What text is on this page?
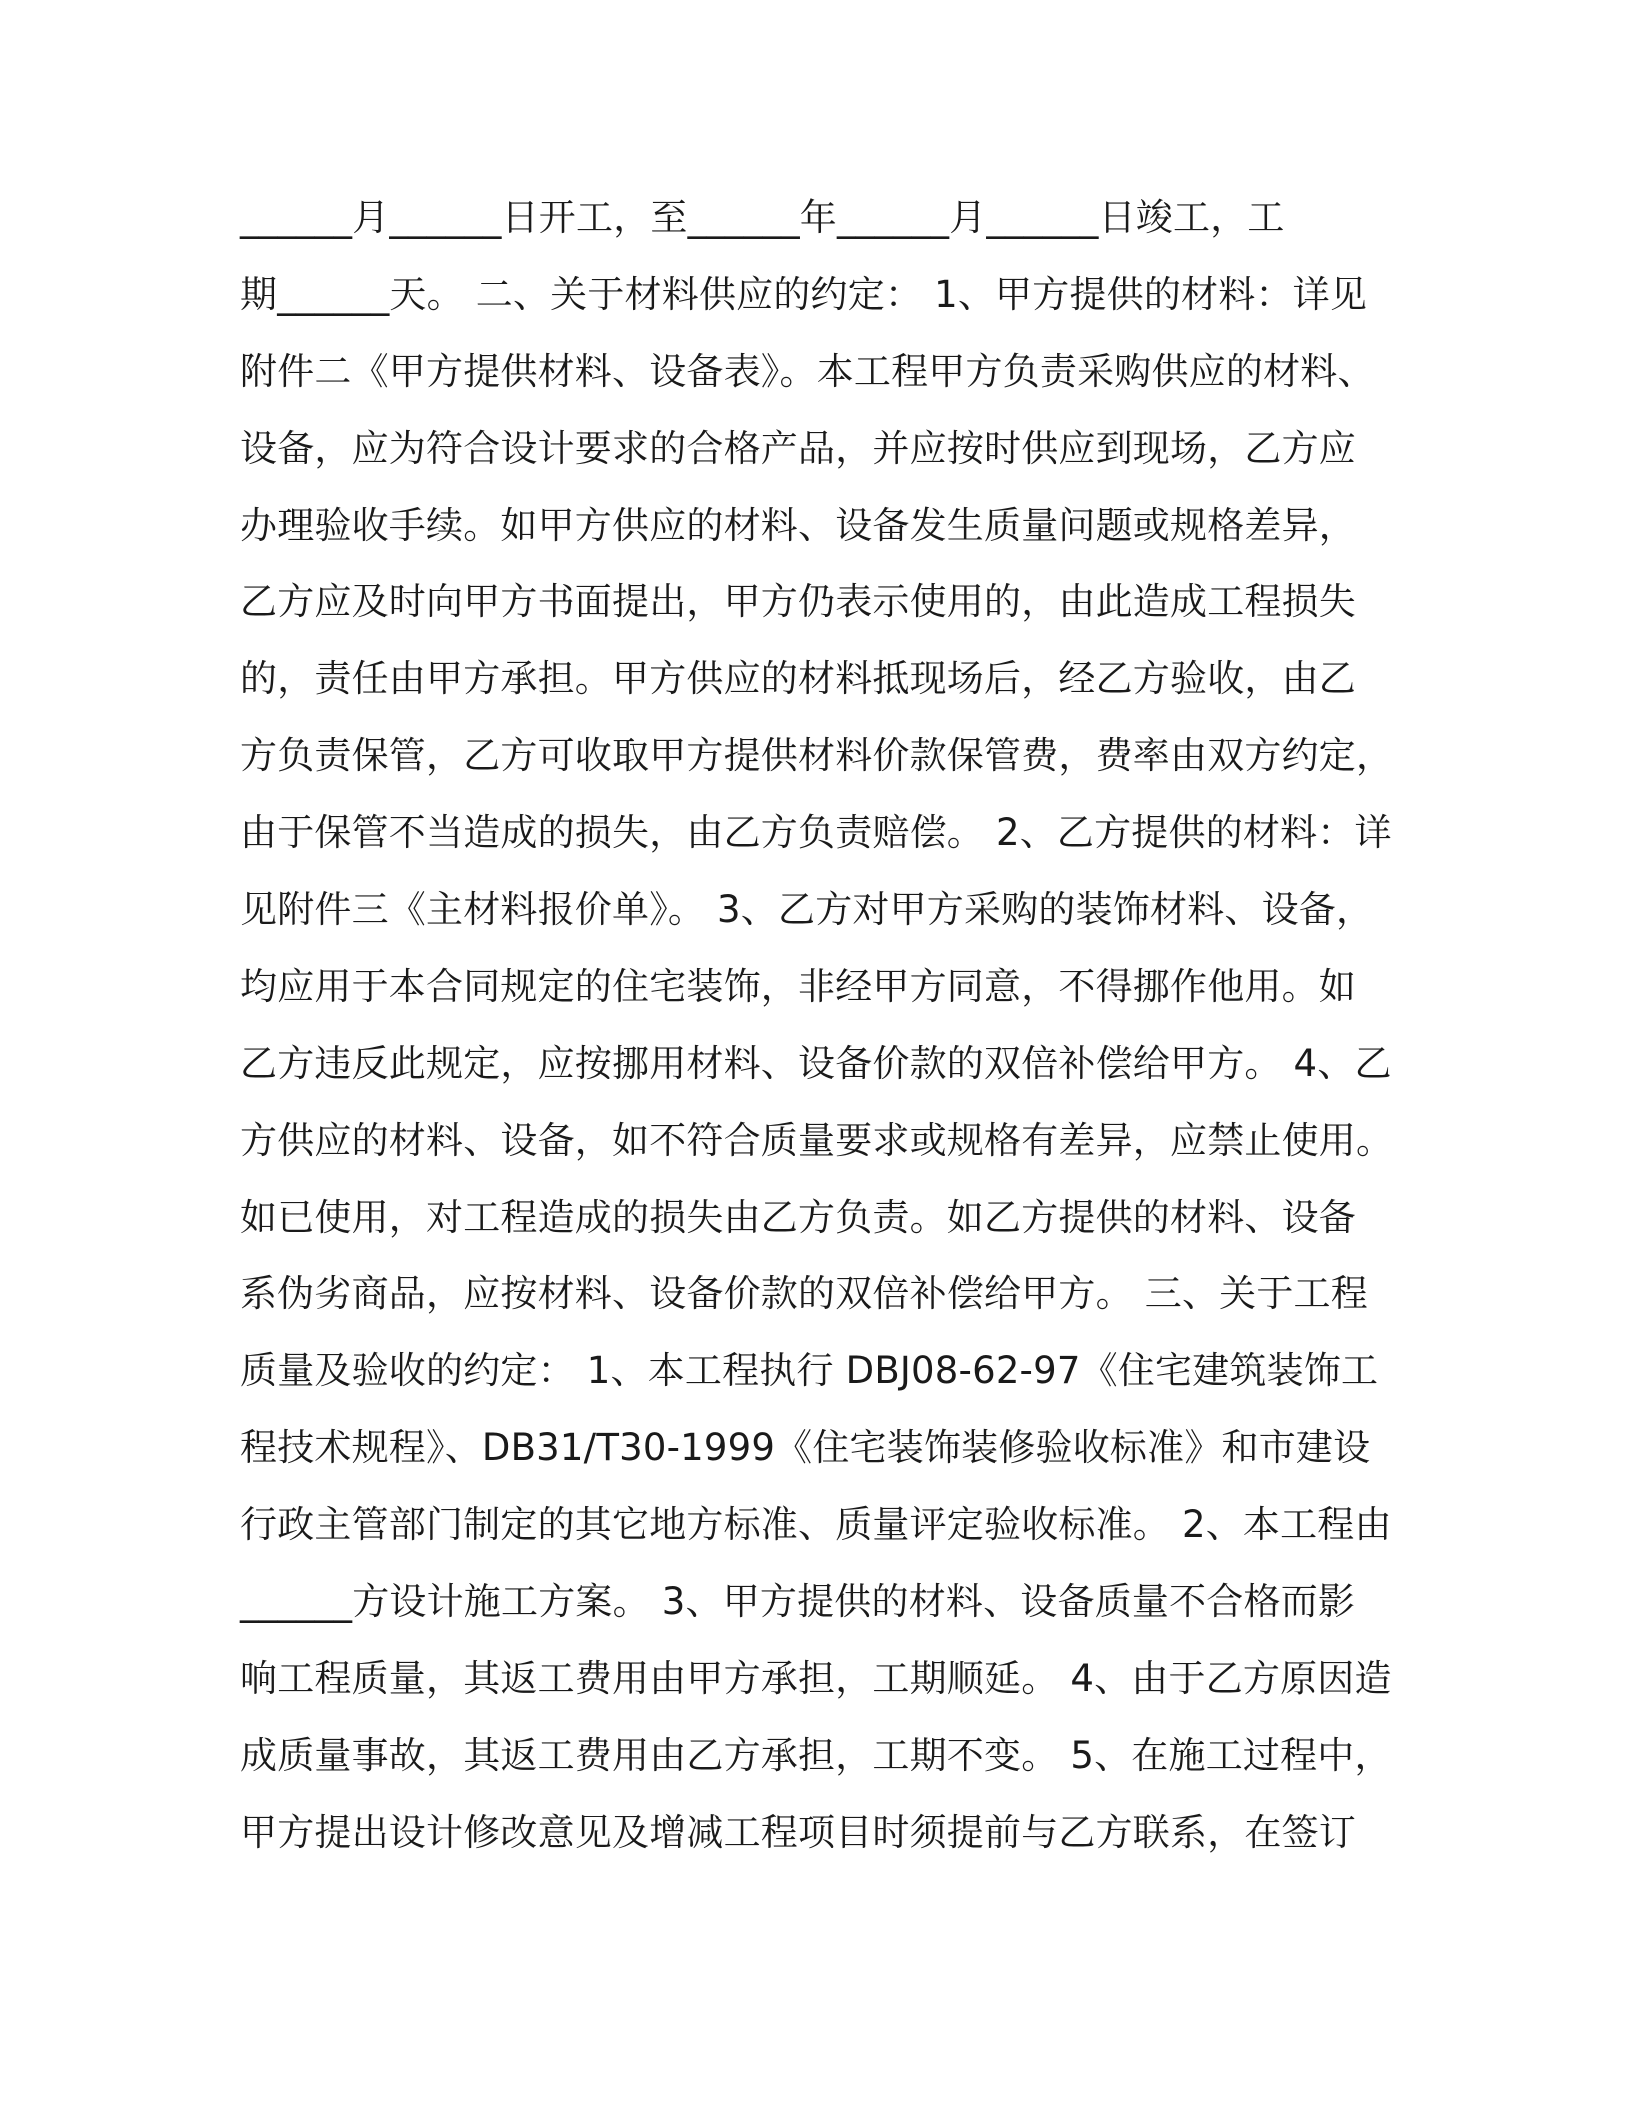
______月______日开工，至______年______月______日竣工，工
期______天。 二、关于材料供应的约定： 1、甲方提供的材料：详见
附件二《甲方提供材料、设备表》。本工程甲方负责采购供应的材料、
设备，应为符合设计要求的合格产品，并应按时供应到现场，乙方应
办理验收手续。如甲方供应的材料、设备发生质量问题或规格差异，
乙方应及时向甲方书面提出，甲方仍表示使用的，由此造成工程损失
的，责任由甲方承担。甲方供应的材料抵现场后，经乙方验收，由乙
方负责保管，乙方可收取甲方提供材料价款保管费，费率由双方约定，
由于保管不当造成的损失，由乙方负责赔偿。 2、乙方提供的材料：详
见附件三《主材料报价单》。 3、乙方对甲方采购的装饰材料、设备，
均应用于本合同规定的住宅装饰，非经甲方同意，不得挪作他用。如
乙方违反此规定，应按挪用材料、设备价款的双倍补偿给甲方。 4、乙
方供应的材料、设备，如不符合质量要求或规格有差异，应禁止使用。
如已使用，对工程造成的损失由乙方负责。如乙方提供的材料、设备
系伪劣商品，应按材料、设备价款的双倍补偿给甲方。 三、关于工程
质量及验收的约定： 1、本工程执行 DBJ08-62-97《住宅建筑装饰工
程技术规程》、DB31/T30-1999《住宅装饰装修验收标准》和市建设
行政主管部门制定的其它地方标准、质量评定验收标准。 2、本工程由
______方设计施工方案。 3、甲方提供的材料、设备质量不合格而影
响工程质量，其返工费用由甲方承担，工期顺延。 4、由于乙方原因造
成质量事故，其返工费用由乙方承担，工期不变。 5、在施工过程中，
甲方提出设计修改意见及增减工程项目时须提前与乙方联系，在签订
